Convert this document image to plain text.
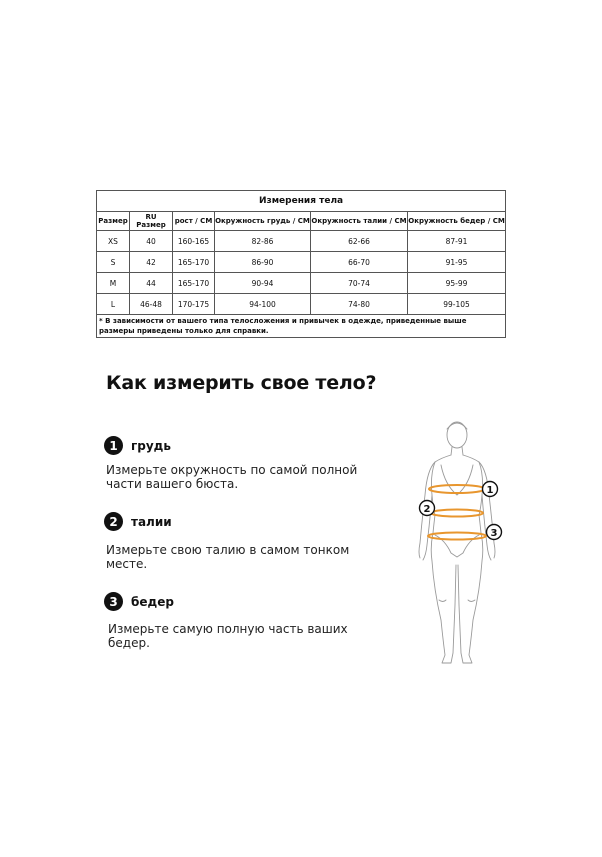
Измерения тела					
Размер	RU Размер	рост / СМ	Окружность грудь / СМ	Окружность талии / СМ	Окружность бедер / СМ
XS	40	160-165	82-86	62-66	87-91
S	42	165-170	86-90	66-70	91-95
M	44	165-170	90-94	70-74	95-99
L	46-48	170-175	94-100	74-80	99-105
* В зависимости от вашего типа телосложения и привычек в одежде, приведенные выше размеры приведены только для справки.					
Как измерить свое тело?
1	грудь

Измерьте окружность по самой полной части вашего бюста.

2	талии

Измерьте свою талию в самом тонком месте.

3	бедер

Измерьте самую полную часть ваших бедер.

1
2
3
